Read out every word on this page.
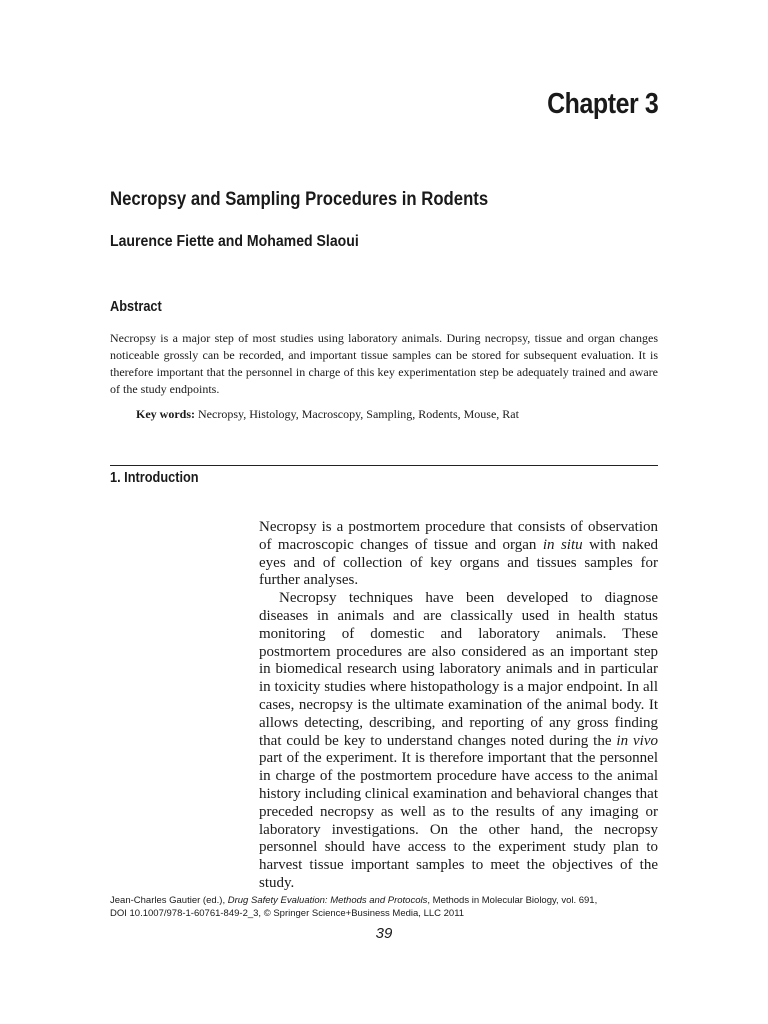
Chapter 3
Necropsy and Sampling Procedures in Rodents
Laurence Fiette and Mohamed Slaoui
Abstract
Necropsy is a major step of most studies using laboratory animals. During necropsy, tissue and organ changes noticeable grossly can be recorded, and important tissue samples can be stored for subsequent evaluation. It is therefore important that the personnel in charge of this key experimentation step be adequately trained and aware of the study endpoints.
Key words: Necropsy, Histology, Macroscopy, Sampling, Rodents, Mouse, Rat
1. Introduction

Necropsy is a postmortem procedure that consists of observation of macroscopic changes of tissue and organ in situ with naked eyes and of collection of key organs and tissues samples for further analyses.

Necropsy techniques have been developed to diagnose diseases in animals and are classically used in health status monitoring of domestic and laboratory animals. These postmortem procedures are also considered as an important step in biomedical research using laboratory animals and in particular in toxicity studies where histopathology is a major endpoint. In all cases, necropsy is the ultimate examination of the animal body. It allows detecting, describing, and reporting of any gross finding that could be key to understand changes noted during the in vivo part of the experiment. It is therefore important that the personnel in charge of the postmortem procedure have access to the animal history including clinical examination and behavioral changes that preceded necropsy as well as to the results of any imaging or laboratory investigations. On the other hand, the necropsy personnel should have access to the experiment study plan to harvest tissue important samples to meet the objectives of the study.

Jean-Charles Gautier (ed.), Drug Safety Evaluation: Methods and Protocols, Methods in Molecular Biology, vol. 691,
DOI 10.1007/978-1-60761-849-2_3, © Springer Science+Business Media, LLC 2011
39
